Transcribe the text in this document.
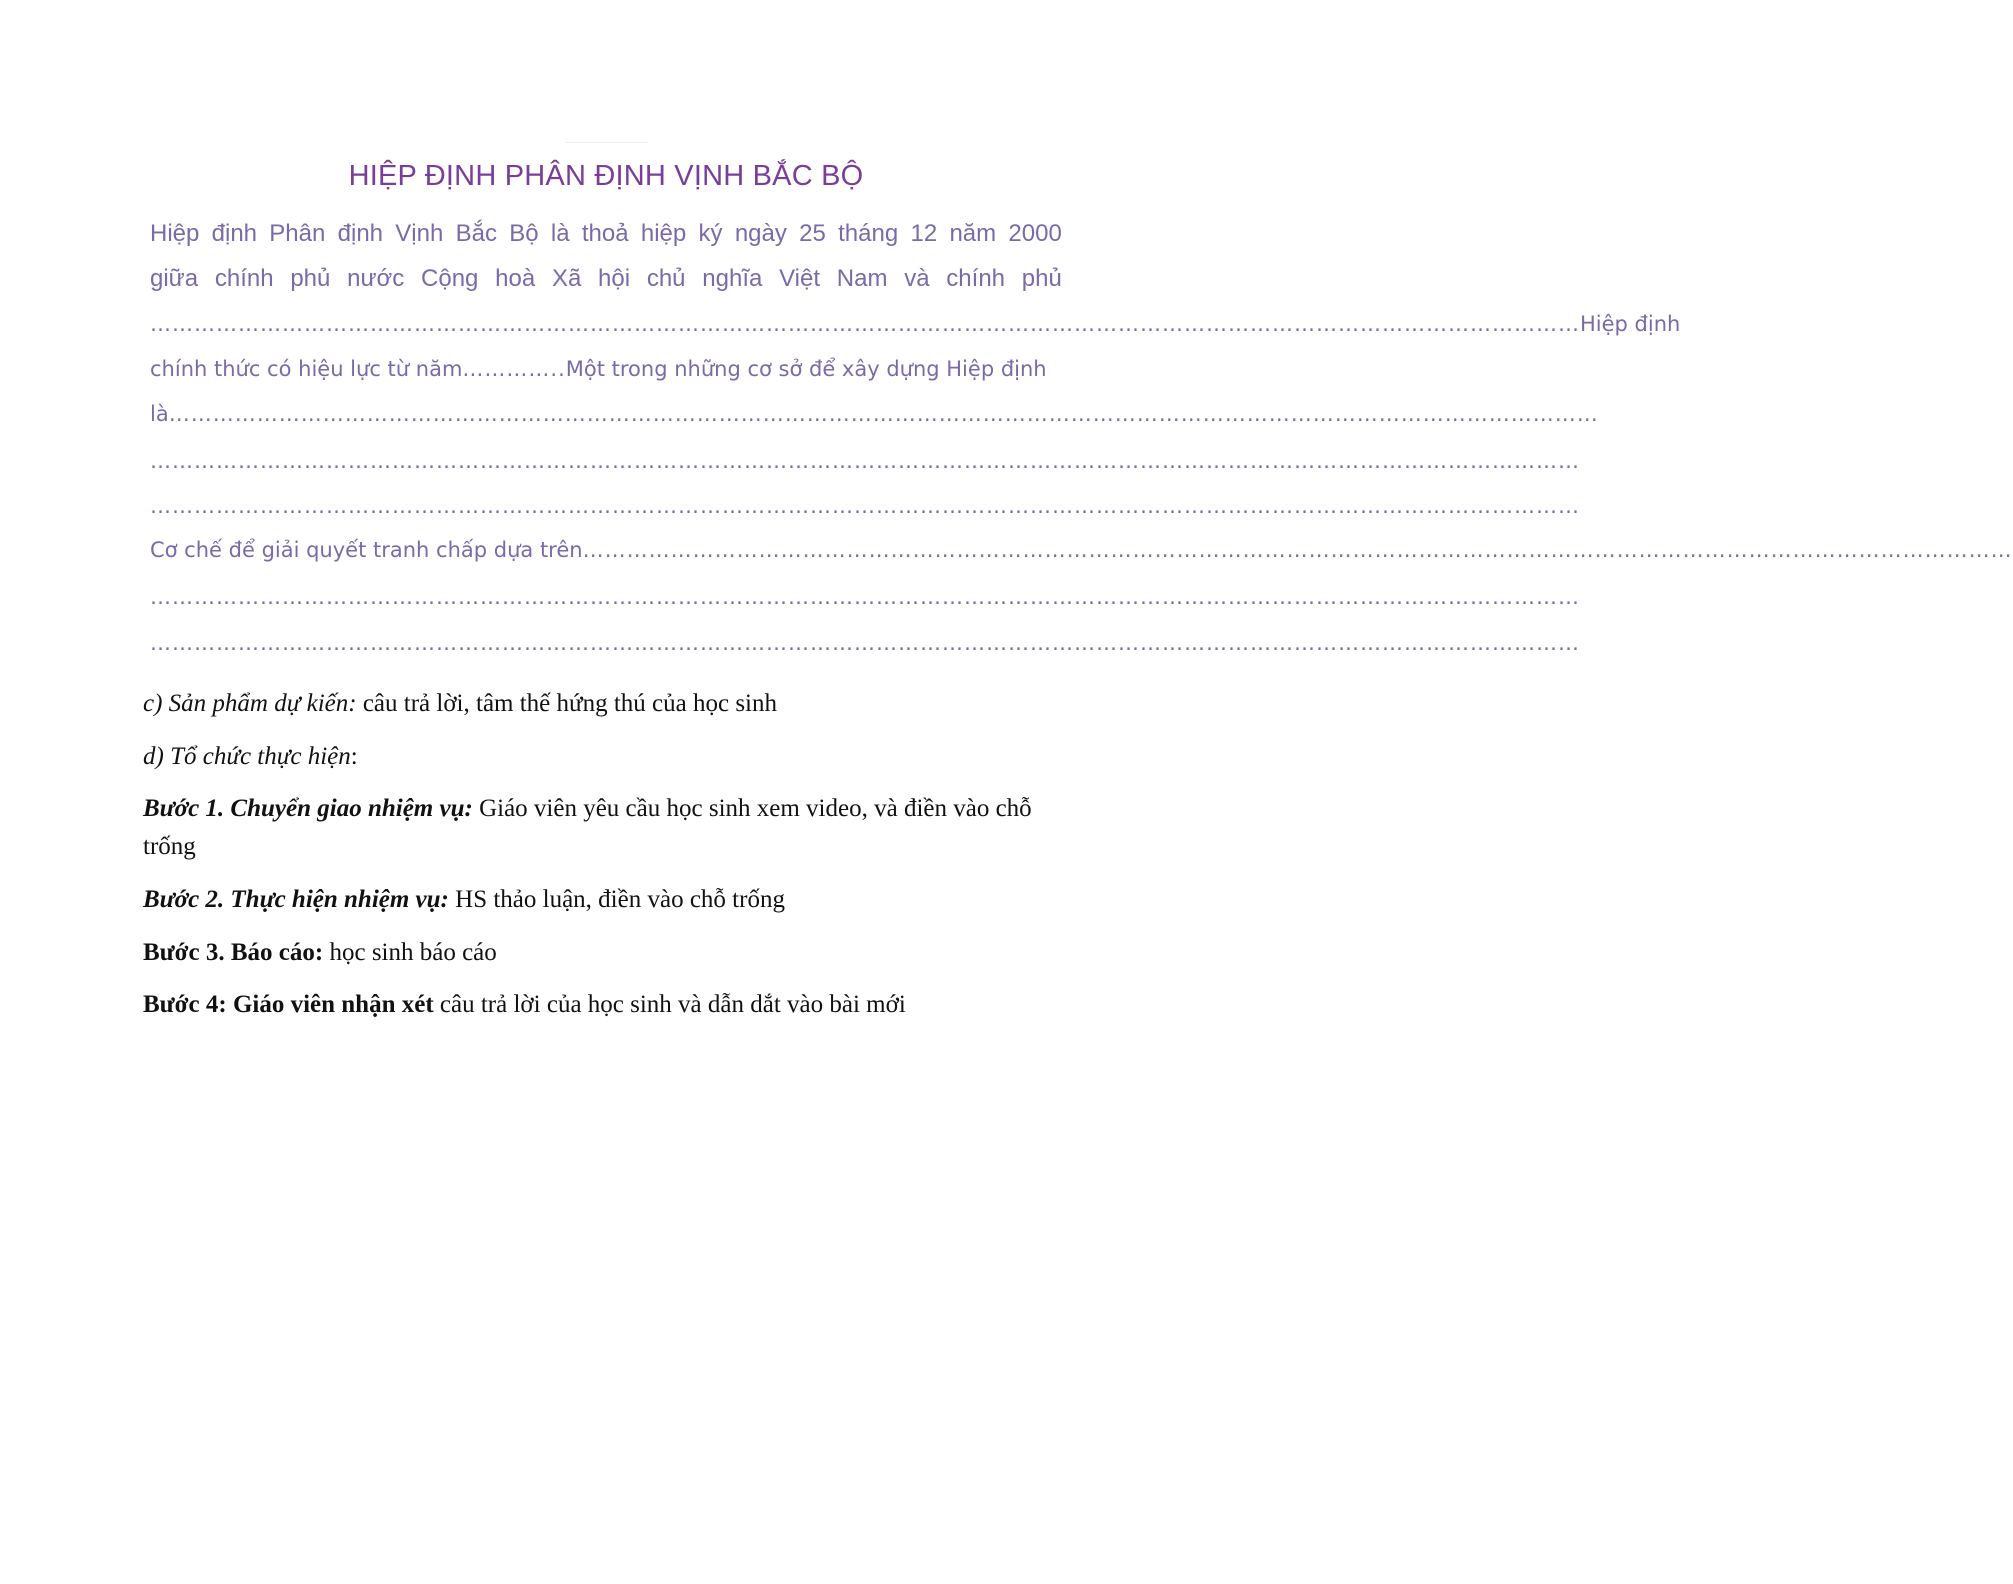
HIỆP ĐỊNH PHÂN ĐỊNH VỊNH BẮC BỘ
Hiệp định Phân định Vịnh Bắc Bộ là thoả hiệp ký ngày 25 tháng 12 năm 2000
giữa chính phủ nước Cộng hoà Xã hội chủ nghĩa Việt Nam và chính phủ
…………………………………………………………………………………………………………………………………………………………………………… Hiệp định
chính thức có hiệu lực từ năm…………..Một trong những cơ sở để xây dựng Hiệp định
là ……………………………………………………………………………………………………………………………………………………………………………
……………………………………………………………………………………………………………………………………………………………………………
……………………………………………………………………………………………………………………………………………………………………………
Cơ chế để giải quyết tranh chấp dựa trên ……………………………………………………………………………………………………………………………………………………………………………
……………………………………………………………………………………………………………………………………………………………………………
……………………………………………………………………………………………………………………………………………………………………………
c) Sản phẩm dự kiến: câu trả lời, tâm thế hứng thú của học sinh
d) Tổ chức thực hiện:
Bước 1. Chuyển giao nhiệm vụ: Giáo viên yêu cầu học sinh xem video, và điền vào chỗ trống
Bước 2. Thực hiện nhiệm vụ: HS thảo luận, điền vào chỗ trống
Bước 3. Báo cáo: học sinh báo cáo
Bước 4: Giáo viên nhận xét câu trả lời của học sinh và dẫn dắt vào bài mới
